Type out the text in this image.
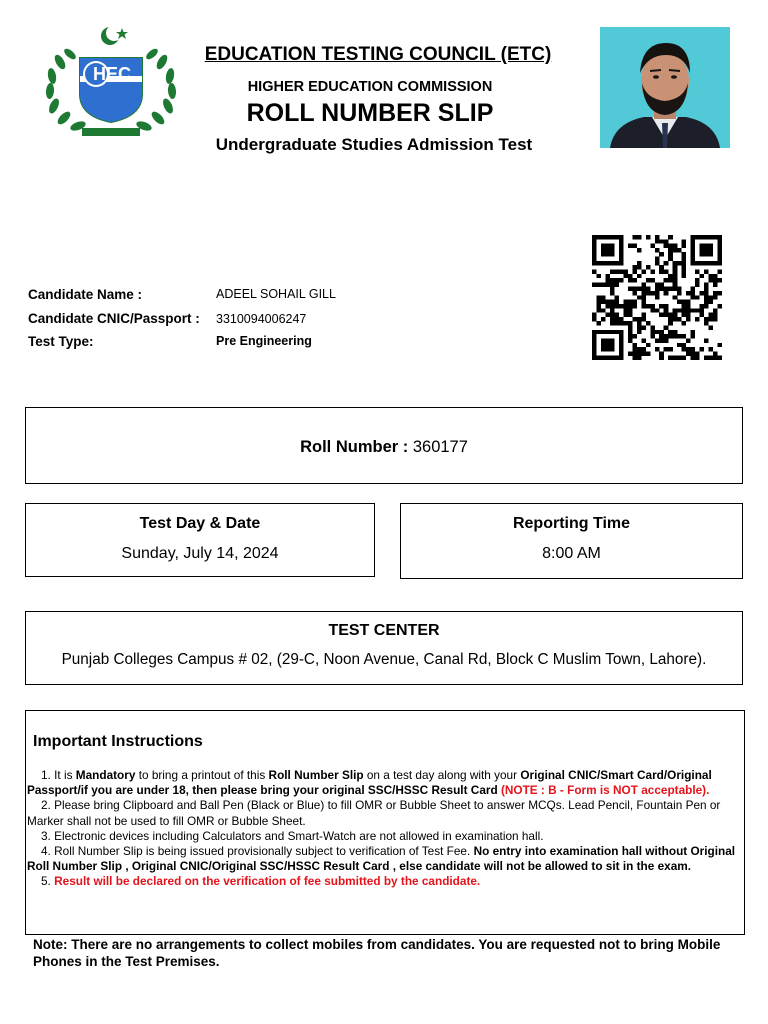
HEC
EDUCATION TESTING COUNCIL (ETC)
HIGHER EDUCATION COMMISSION
ROLL NUMBER SLIP
Undergraduate Studies Admission Test
Candidate Name :	ADEEL SOHAIL GILL
Candidate CNIC/Passport : 3310094006247
Test Type:	Pre Engineering
Roll Number : 360177
Test Day & Date
Sunday, July 14, 2024
Reporting Time
8:00 AM
TEST CENTER
Punjab Colleges Campus # 02, (29-C, Noon Avenue, Canal Rd, Block C Muslim Town, Lahore).
Important Instructions

1. It is Mandatory to bring a printout of this Roll Number Slip on a test day along with your Original CNIC/Smart Card/Original Passport/if you are under 18, then please bring your original SSC/HSSC Result Card (NOTE : B - Form is NOT acceptable).

2. Please bring Clipboard and Ball Pen (Black or Blue) to fill OMR or Bubble Sheet to answer MCQs. Lead Pencil, Fountain Pen or Marker shall not be used to fill OMR or Bubble Sheet.

3. Electronic devices including Calculators and Smart-Watch are not allowed in examination hall.

4. Roll Number Slip is being issued provisionally subject to verification of Test Fee. No entry into examination hall without Original Roll Number Slip , Original CNIC/Original SSC/HSSC Result Card , else candidate will not be allowed to sit in the exam.

5. Result will be declared on the verification of fee submitted by the candidate.

Note: There are no arrangements to collect mobiles from candidates. You are requested not to bring Mobile Phones in the Test Premises.
